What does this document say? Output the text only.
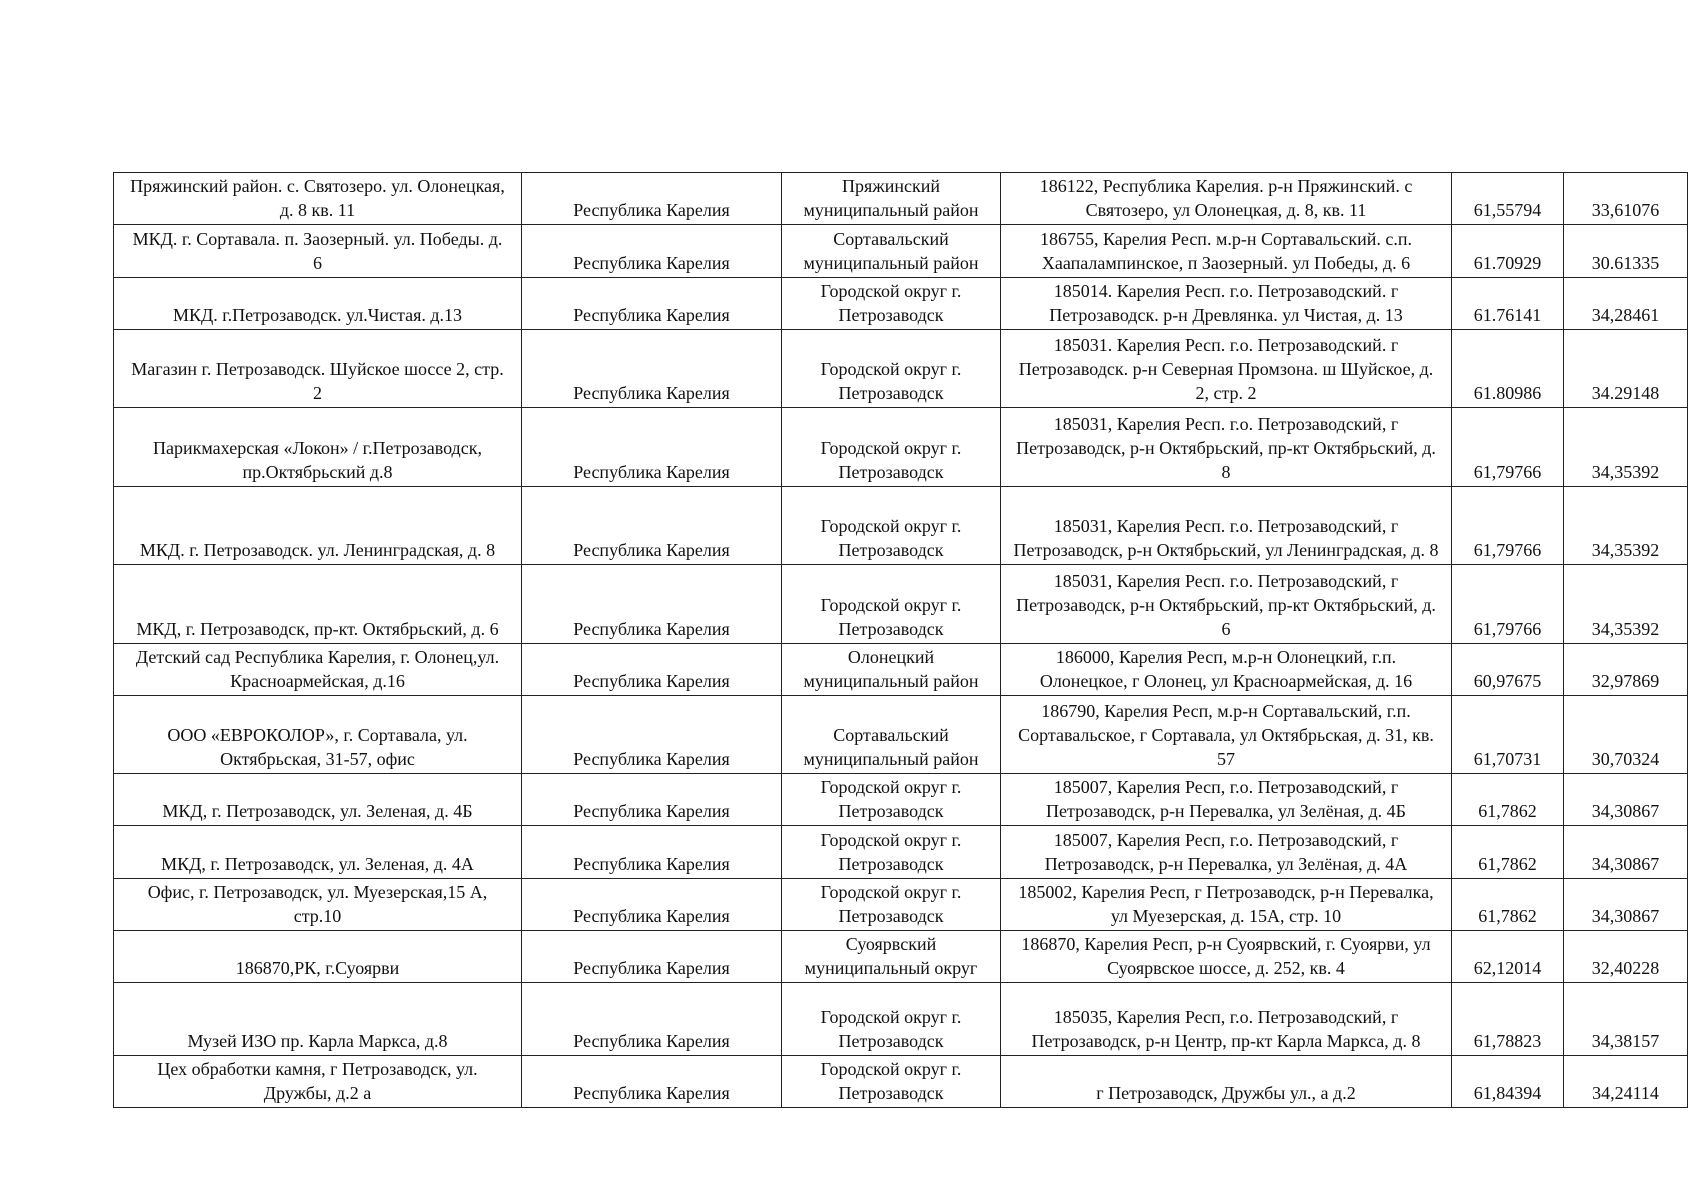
Пряжинский район. с. Святозеро. ул. Олонецкая, д. 8 кв. 11	Республика Карелия	Пряжинский муниципальный район	186122, Республика Карелия. р-н Пряжинский. с Святозеро, ул Олонецкая, д. 8, кв. 11	61,55794	33,61076
МКД. г. Сортавала. п. Заозерный. ул. Победы. д. 6	Республика Карелия	Сортавальский муниципальный район	186755, Карелия Респ. м.р-н Сортавальский. с.п. Хаапалампинское, п Заозерный. ул Победы, д. 6	61.70929	30.61335
МКД. г.Петрозаводск. ул.Чистая. д.13	Республика Карелия	Городской округ г. Петрозаводск	185014. Карелия Респ. г.о. Петрозаводский. г Петрозаводск. р-н Древлянка. ул Чистая, д. 13	61.76141	34,28461
Магазин г. Петрозаводск. Шуйское шоссе 2, стр. 2	Республика Карелия	Городской округ г. Петрозаводск	185031. Карелия Респ. г.о. Петрозаводский. г Петрозаводск. р-н Северная Промзона. ш Шуйское, д. 2, стр. 2	61.80986	34.29148
Парикмахерская «Локон» / г.Петрозаводск, пр.Октябрьский д.8	Республика Карелия	Городской округ г. Петрозаводск	185031, Карелия Респ. г.о. Петрозаводский, г Петрозаводск, р-н Октябрьский, пр-кт Октябрьский, д. 8	61,79766	34,35392
МКД. г. Петрозаводск. ул. Ленинградская, д. 8	Республика Карелия	Городской округ г. Петрозаводск	185031, Карелия Респ. г.о. Петрозаводский, г Петрозаводск, р-н Октябрьский, ул Ленинградская, д. 8	61,79766	34,35392
МКД, г. Петрозаводск, пр-кт. Октябрьский, д. 6	Республика Карелия	Городской округ г. Петрозаводск	185031, Карелия Респ. г.о. Петрозаводский, г Петрозаводск, р-н Октябрьский, пр-кт Октябрьский, д. 6	61,79766	34,35392
Детский сад Республика Карелия, г. Олонец,ул. Красноармейская, д.16	Республика Карелия	Олонецкий муниципальный район	186000, Карелия Респ, м.р-н Олонецкий, г.п. Олонецкое, г Олонец, ул Красноармейская, д. 16	60,97675	32,97869
ООО «ЕВРОКОЛОР», г. Сортавала, ул. Октябрьская, 31-57, офис	Республика Карелия	Сортавальский муниципальный район	186790, Карелия Респ, м.р-н Сортавальский, г.п. Сортавальское, г Сортавала, ул Октябрьская, д. 31, кв. 57	61,70731	30,70324
МКД, г. Петрозаводск, ул. Зеленая, д. 4Б	Республика Карелия	Городской округ г. Петрозаводск	185007, Карелия Респ, г.о. Петрозаводский, г Петрозаводск, р-н Перевалка, ул Зелёная, д. 4Б	61,7862	34,30867
МКД, г. Петрозаводск, ул. Зеленая, д. 4А	Республика Карелия	Городской округ г. Петрозаводск	185007, Карелия Респ, г.о. Петрозаводский, г Петрозаводск, р-н Перевалка, ул Зелёная, д. 4А	61,7862	34,30867
Офис, г. Петрозаводск, ул. Муезерская,15 А, стр.10	Республика Карелия	Городской округ г. Петрозаводск	185002, Карелия Респ, г Петрозаводск, р-н Перевалка, ул Муезерская, д. 15А, стр. 10	61,7862	34,30867
186870,РК, г.Суоярви	Республика Карелия	Суоярвский муниципальный округ	186870, Карелия Респ, р-н Суоярвский, г. Суоярви, ул Суоярвское шоссе, д. 252, кв. 4	62,12014	32,40228
Музей ИЗО пр. Карла Маркса, д.8	Республика Карелия	Городской округ г. Петрозаводск	185035, Карелия Респ, г.о. Петрозаводский, г Петрозаводск, р-н Центр, пр-кт Карла Маркса, д. 8	61,78823	34,38157
Цех обработки камня, г Петрозаводск, ул. Дружбы, д.2 а	Республика Карелия	Городской округ г. Петрозаводск	г Петрозаводск, Дружбы ул., а д.2	61,84394	34,24114
